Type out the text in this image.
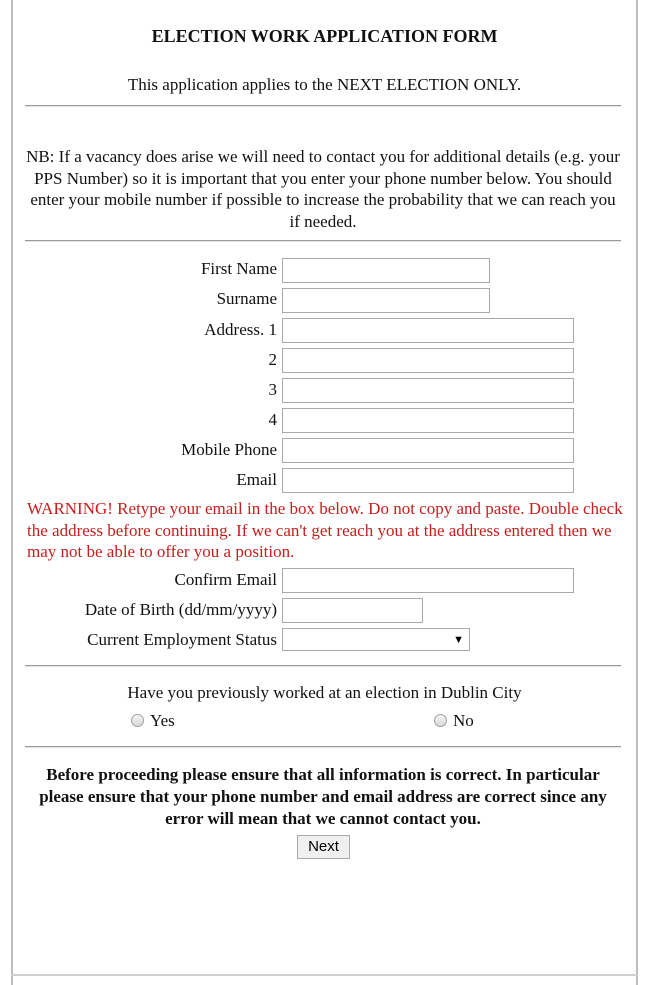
ELECTION WORK APPLICATION FORM
This application applies to the NEXT ELECTION ONLY.
NB: If a vacancy does arise we will need to contact you for additional details (e.g. your PPS Number) so it is important that you enter your phone number below. You should enter your mobile number if possible to increase the probability that we can reach you if needed.
First Name
Surname
Address. 1
2
3
4
Mobile Phone
Email
WARNING! Retype your email in the box below. Do not copy and paste. Double check the address before continuing. If we can't get reach you at the address entered then we may not be able to offer you a position.
Confirm Email
Date of Birth (dd/mm/yyyy)
Current Employment Status	▼
Have you previously worked at an election in Dublin City
Yes	No
Before proceeding please ensure that all information is correct. In particular please ensure that your phone number and email address are correct since any error will mean that we cannot contact you.
Next
